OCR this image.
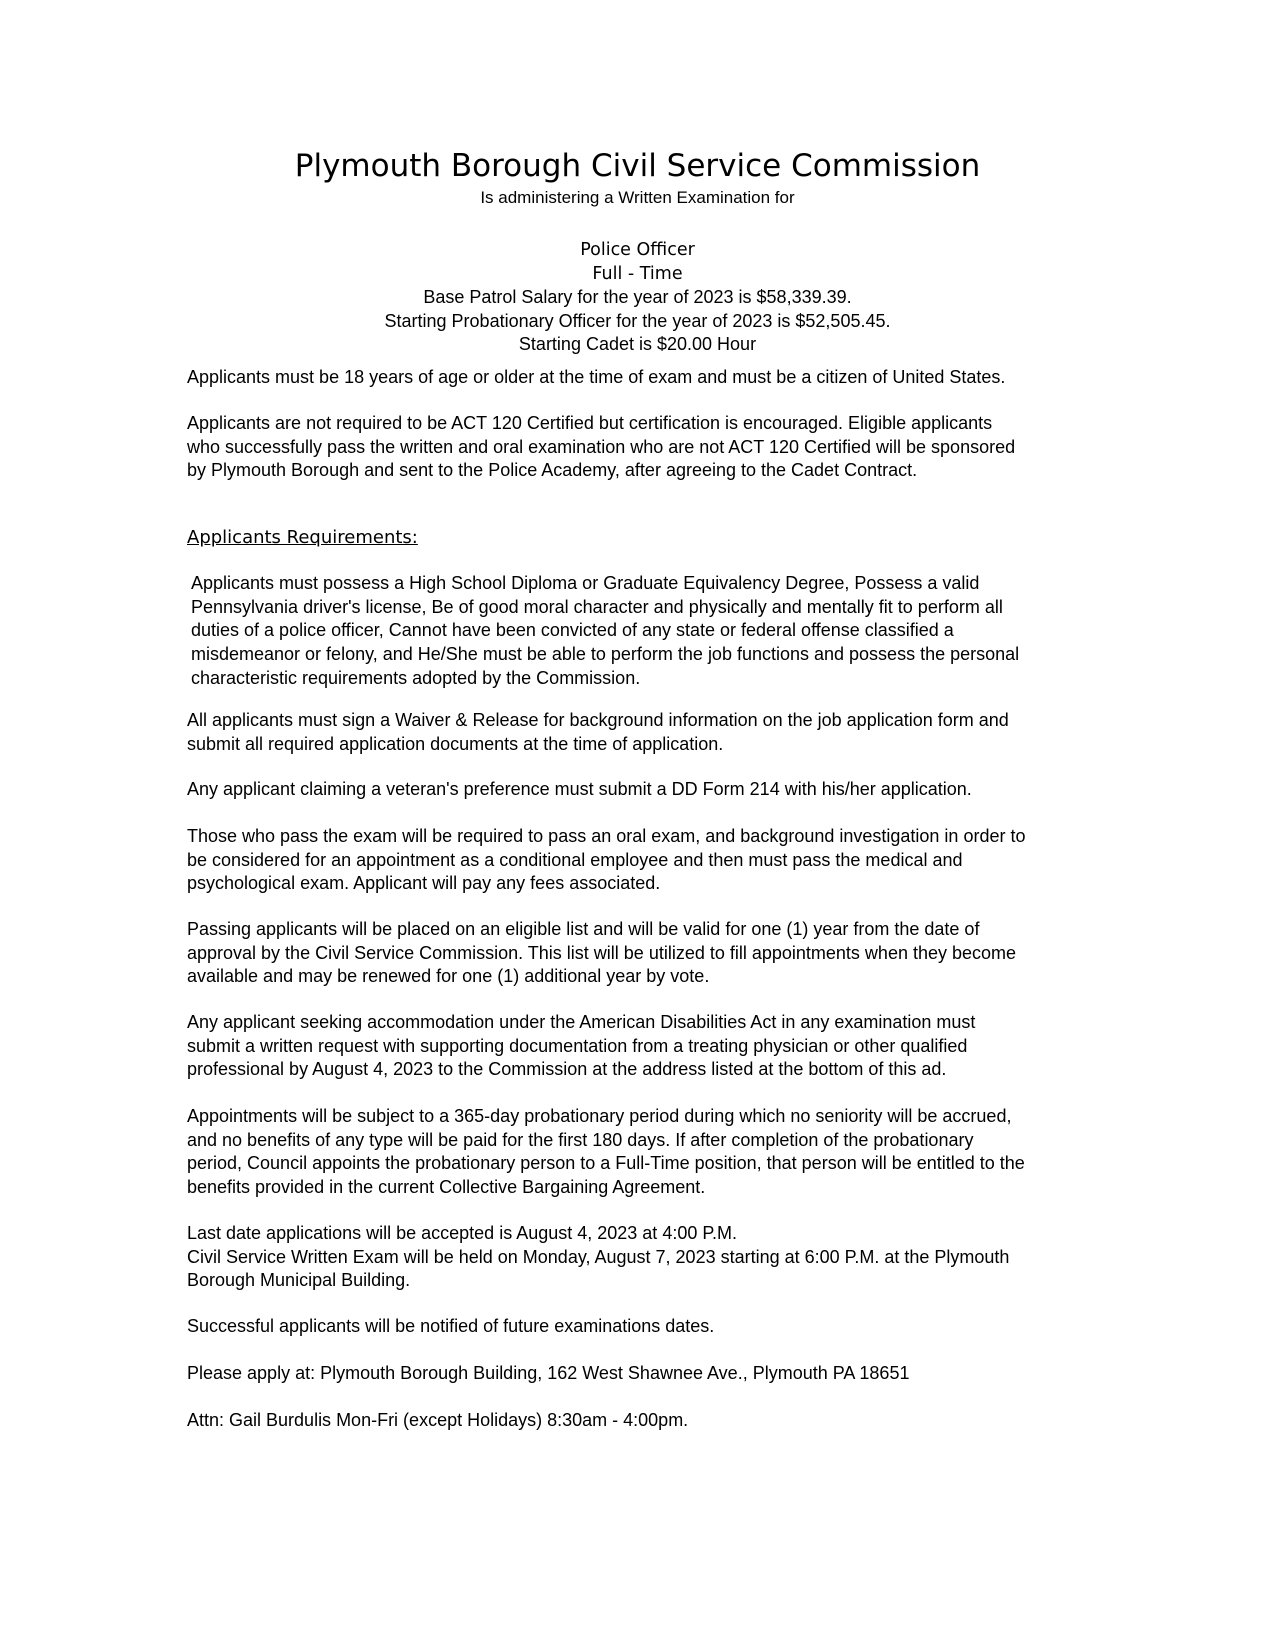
Plymouth Borough Civil Service Commission
Is administering a Written Examination for
Police Officer
Full - Time
Base Patrol Salary for the year of 2023 is $58,339.39.
Starting Probationary Officer for the year of 2023 is $52,505.45.
Starting Cadet is $20.00 Hour
Applicants must be 18 years of age or older at the time of exam and must be a citizen of United States.
Applicants are not required to be ACT 120 Certified but certification is encouraged. Eligible applicants
who successfully pass the written and oral examination who are not ACT 120 Certified will be sponsored
by Plymouth Borough and sent to the Police Academy, after agreeing to the Cadet Contract.
Applicants Requirements:
Applicants must possess a High School Diploma or Graduate Equivalency Degree, Possess a valid
Pennsylvania driver's license, Be of good moral character and physically and mentally fit to perform all
duties of a police officer, Cannot have been convicted of any state or federal offense classified a
misdemeanor or felony, and He/She must be able to perform the job functions and possess the personal
characteristic requirements adopted by the Commission.
All applicants must sign a Waiver & Release for background information on the job application form and
submit all required application documents at the time of application.
Any applicant claiming a veteran's preference must submit a DD Form 214 with his/her application.
Those who pass the exam will be required to pass an oral exam, and background investigation in order to
be considered for an appointment as a conditional employee and then must pass the medical and
psychological exam. Applicant will pay any fees associated.
Passing applicants will be placed on an eligible list and will be valid for one (1) year from the date of
approval by the Civil Service Commission. This list will be utilized to fill appointments when they become
available and may be renewed for one (1) additional year by vote.
Any applicant seeking accommodation under the American Disabilities Act in any examination must
submit a written request with supporting documentation from a treating physician or other qualified
professional by August 4, 2023 to the Commission at the address listed at the bottom of this ad.
Appointments will be subject to a 365-day probationary period during which no seniority will be accrued,
and no benefits of any type will be paid for the first 180 days. If after completion of the probationary
period, Council appoints the probationary person to a Full-Time position, that person will be entitled to the
benefits provided in the current Collective Bargaining Agreement.
Last date applications will be accepted is August 4, 2023 at 4:00 P.M.
Civil Service Written Exam will be held on Monday, August 7, 2023 starting at 6:00 P.M. at the Plymouth
Borough Municipal Building.
Successful applicants will be notified of future examinations dates.
Please apply at: Plymouth Borough Building, 162 West Shawnee Ave., Plymouth PA 18651
Attn: Gail Burdulis Mon-Fri (except Holidays) 8:30am - 4:00pm.
